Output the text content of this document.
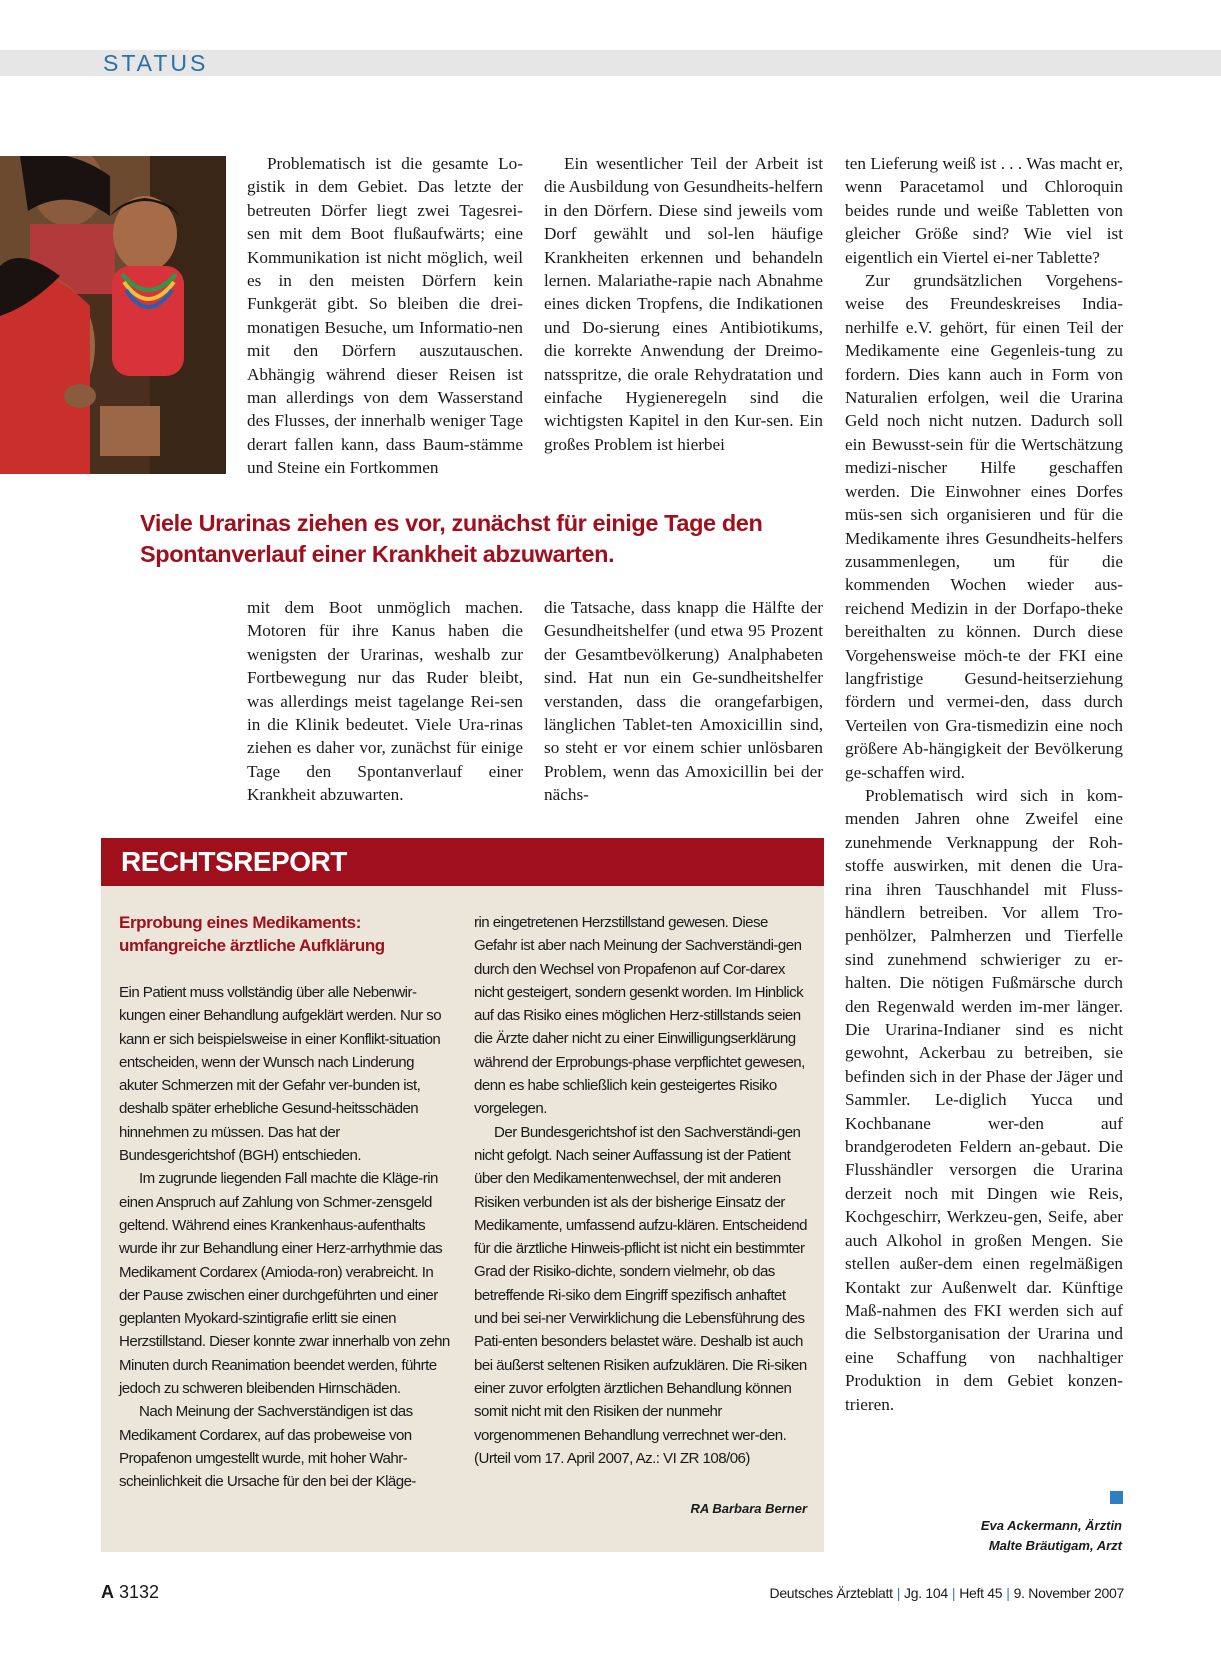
STATUS

Problematisch ist die gesamte Lo-gistik in dem Gebiet. Das letzte der betreuten Dörfer liegt zwei Tagesrei-sen mit dem Boot flußaufwärts; eine Kommunikation ist nicht möglich, weil es in den meisten Dörfern kein Funkgerät gibt. So bleiben die drei-monatigen Besuche, um Informatio-nen mit den Dörfern auszutauschen. Abhängig während dieser Reisen ist man allerdings von dem Wasserstand des Flusses, der innerhalb weniger Tage derart fallen kann, dass Baum-stämme und Steine ein Fortkommen

Ein wesentlicher Teil der Arbeit ist die Ausbildung von Gesundheits-helfern in den Dörfern. Diese sind jeweils vom Dorf gewählt und sol-len häufige Krankheiten erkennen und behandeln lernen. Malariathe-rapie nach Abnahme eines dicken Tropfens, die Indikationen und Do-sierung eines Antibiotikums, die korrekte Anwendung der Dreimo-natsspritze, die orale Rehydratation und einfache Hygieneregeln sind die wichtigsten Kapitel in den Kur-sen. Ein großes Problem ist hierbei

Viele Urarinas ziehen es vor, zunächst für einige Tage den Spontanverlauf einer Krankheit abzuwarten.

mit dem Boot unmöglich machen. Motoren für ihre Kanus haben die wenigsten der Urarinas, weshalb zur Fortbewegung nur das Ruder bleibt, was allerdings meist tagelange Rei-sen in die Klinik bedeutet. Viele Ura-rinas ziehen es daher vor, zunächst für einige Tage den Spontanverlauf einer Krankheit abzuwarten.

die Tatsache, dass knapp die Hälfte der Gesundheitshelfer (und etwa 95 Prozent der Gesamtbevölkerung) Analphabeten sind. Hat nun ein Ge-sundheitshelfer verstanden, dass die orangefarbigen, länglichen Tablet-ten Amoxicillin sind, so steht er vor einem schier unlösbaren Problem, wenn das Amoxicillin bei der nächs-

ten Lieferung weiß ist . . . Was macht er, wenn Paracetamol und Chloroquin beides runde und weiße Tabletten von gleicher Größe sind? Wie viel ist eigentlich ein Viertel ei-ner Tablette?

Zur grundsätzlichen Vorgehens-weise des Freundeskreises India-nerhilfe e.V. gehört, für einen Teil der Medikamente eine Gegenleis-tung zu fordern. Dies kann auch in Form von Naturalien erfolgen, weil die Urarina Geld noch nicht nutzen. Dadurch soll ein Bewusst-sein für die Wertschätzung medizi-nischer Hilfe geschaffen werden. Die Einwohner eines Dorfes müs-sen sich organisieren und für die Medikamente ihres Gesundheits-helfers zusammenlegen, um für die kommenden Wochen wieder aus-reichend Medizin in der Dorfapo-theke bereithalten zu können. Durch diese Vorgehensweise möch-te der FKI eine langfristige Gesund-heitserziehung fördern und vermei-den, dass durch Verteilen von Gra-tismedizin eine noch größere Ab-hängigkeit der Bevölkerung ge-schaffen wird.

Problematisch wird sich in kom-menden Jahren ohne Zweifel eine zunehmende Verknappung der Roh-stoffe auswirken, mit denen die Ura-rina ihren Tauschhandel mit Fluss-händlern betreiben. Vor allem Tro-penhölzer, Palmherzen und Tierfelle sind zunehmend schwieriger zu er-halten. Die nötigen Fußmärsche durch den Regenwald werden im-mer länger. Die Urarina-Indianer sind es nicht gewohnt, Ackerbau zu betreiben, sie befinden sich in der Phase der Jäger und Sammler. Le-diglich Yucca und Kochbanane wer-den auf brandgerodeten Feldern an-gebaut. Die Flusshändler versorgen die Urarina derzeit noch mit Dingen wie Reis, Kochgeschirr, Werkzeu-gen, Seife, aber auch Alkohol in großen Mengen. Sie stellen außer-dem einen regelmäßigen Kontakt zur Außenwelt dar. Künftige Maß-nahmen des FKI werden sich auf die Selbstorganisation der Urarina und eine Schaffung von nachhaltiger Produktion in dem Gebiet konzen-trieren.

Eva Ackermann, Ärztin
Malte Bräutigam, Arzt
RECHTSREPORT
Erprobung eines Medikaments:
umfangreiche ärztliche Aufklärung

Ein Patient muss vollständig über alle Nebenwir-kungen einer Behandlung aufgeklärt werden. Nur so kann er sich beispielsweise in einer Konflikt-situation entscheiden, wenn der Wunsch nach Linderung akuter Schmerzen mit der Gefahr ver-bunden ist, deshalb später erhebliche Gesund-heitsschäden hinnehmen zu müssen. Das hat der Bundesgerichtshof (BGH) entschieden.

Im zugrunde liegenden Fall machte die Kläge-rin einen Anspruch auf Zahlung von Schmer-zensgeld geltend. Während eines Krankenhaus-aufenthalts wurde ihr zur Behandlung einer Herz-arrhythmie das Medikament Cordarex (Amioda-ron) verabreicht. In der Pause zwischen einer durchgeführten und einer geplanten Myokard-szintigrafie erlitt sie einen Herzstillstand. Dieser konnte zwar innerhalb von zehn Minuten durch Reanimation beendet werden, führte jedoch zu schweren bleibenden Hirnschäden.

Nach Meinung der Sachverständigen ist das Medikament Cordarex, auf das probeweise von Propafenon umgestellt wurde, mit hoher Wahr-scheinlichkeit die Ursache für den bei der Kläge-

rin eingetretenen Herzstillstand gewesen. Diese Gefahr ist aber nach Meinung der Sachverständi-gen durch den Wechsel von Propafenon auf Cor-darex nicht gesteigert, sondern gesenkt worden. Im Hinblick auf das Risiko eines möglichen Herz-stillstands seien die Ärzte daher nicht zu einer Einwilligungserklärung während der Erprobungs-phase verpflichtet gewesen, denn es habe schließlich kein gesteigertes Risiko vorgelegen.

Der Bundesgerichtshof ist den Sachverständi-gen nicht gefolgt. Nach seiner Auffassung ist der Patient über den Medikamentenwechsel, der mit anderen Risiken verbunden ist als der bisherige Einsatz der Medikamente, umfassend aufzu-klären. Entscheidend für die ärztliche Hinweis-pflicht ist nicht ein bestimmter Grad der Risiko-dichte, sondern vielmehr, ob das betreffende Ri-siko dem Eingriff spezifisch anhaftet und bei sei-ner Verwirklichung die Lebensführung des Pati-enten besonders belastet wäre. Deshalb ist auch bei äußerst seltenen Risiken aufzuklären. Die Ri-siken einer zuvor erfolgten ärztlichen Behandlung können somit nicht mit den Risiken der nunmehr vorgenommenen Behandlung verrechnet wer-den. (Urteil vom 17. April 2007, Az.: VI ZR 108/06)

RA Barbara Berner
A 3132	Deutsches Ärzteblatt | Jg. 104 | Heft 45 | 9. November 2007
